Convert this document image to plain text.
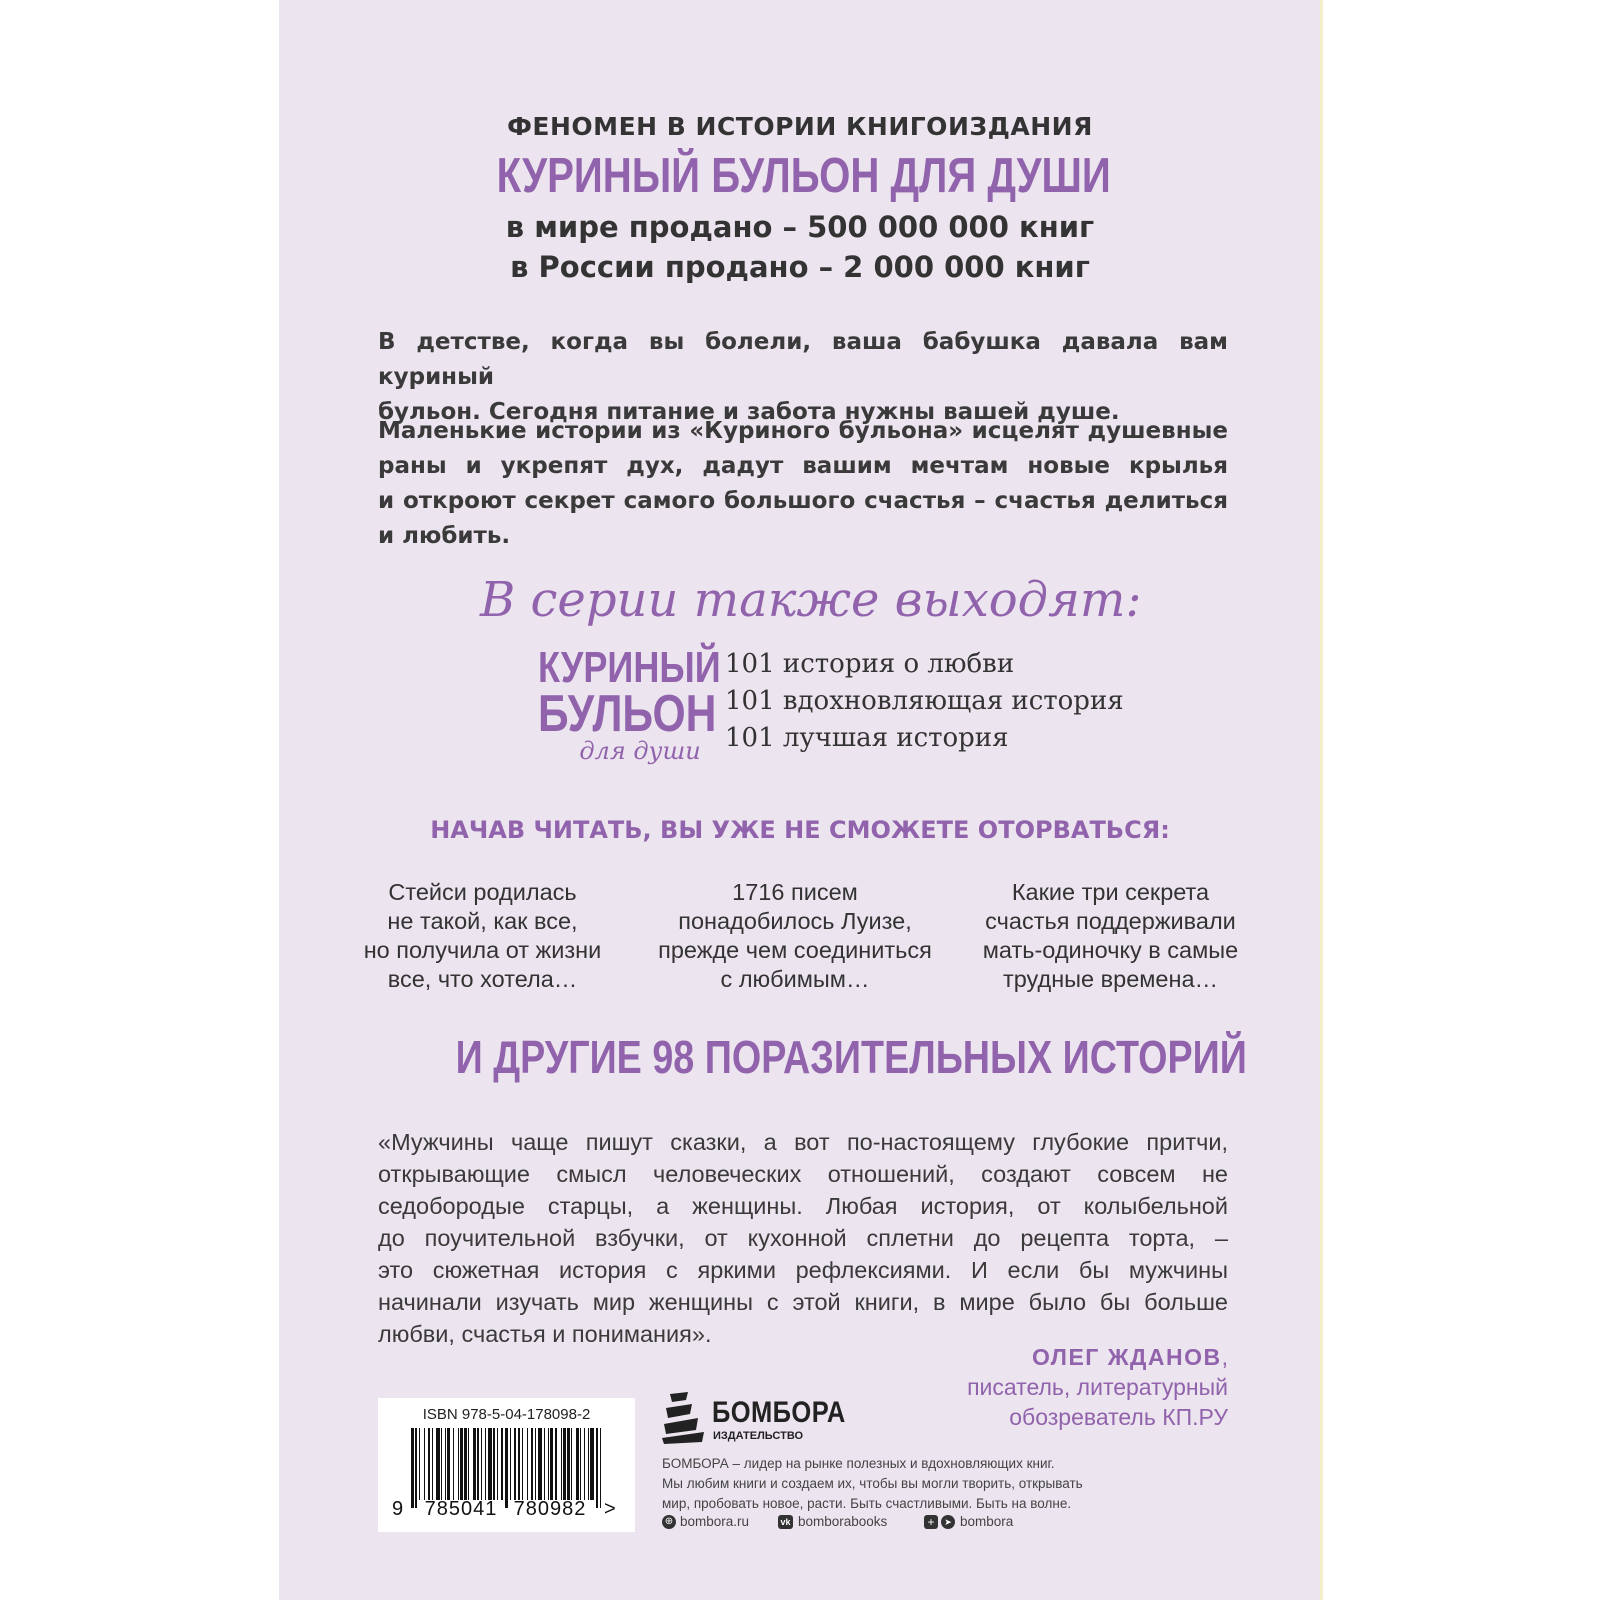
ФЕНОМЕН В ИСТОРИИ КНИГОИЗДАНИЯ
КУРИНЫЙ БУЛЬОН ДЛЯ ДУШИ
в мире продано – 500 000 000 книг
в России продано – 2 000 000 книг
В детстве, когда вы болели, ваша бабушка давала вам куриный
бульон. Сегодня питание и забота нужны вашей душе.
Маленькие истории из «Куриного бульона» исцелят душевные
раны и укрепят дух, дадут вашим мечтам новые крылья
и откроют секрет самого большого счастья – счастья делиться
и любить.
В серии также выходят:
КУРИНЫЙ
БУЛЬОН
для души
101 история о любви
101 вдохновляющая история
101 лучшая история
НАЧАВ ЧИТАТЬ, ВЫ УЖЕ НЕ СМОЖЕТЕ ОТОРВАТЬСЯ:
Стейси родилась
не такой, как все,
но получила от жизни
все, что хотела…
1716 писем
понадобилось Луизе,
прежде чем соединиться
с любимым…
Какие три секрета
счастья поддерживали
мать-одиночку в самые
трудные времена…
И ДРУГИЕ 98 ПОРАЗИТЕЛЬНЫХ ИСТОРИЙ
«Мужчины чаще пишут сказки, а вот по-настоящему глубокие притчи,
открывающие смысл человеческих отношений, создают совсем не
седобородые старцы, а женщины. Любая история, от колыбельной
до поучительной взбучки, от кухонной сплетни до рецепта торта, –
это сюжетная история с яркими рефлексиями. И если бы мужчины
начинали изучать мир женщины с этой книги, в мире было бы больше
любви, счастья и понимания».
ОЛЕГ ЖДАНОВ,
писатель, литературный
обозреватель КП.РУ
ISBN 978-5-04-178098-2
9 785041 780982 >
БОМБОРА
ИЗДАТЕЛЬСТВО
БОМБОРА – лидер на рынке полезных и вдохновляющих книг.
Мы любим книги и создаем их, чтобы вы могли творить, открывать
мир, пробовать новое, расти. Быть счастливыми. Быть на волне.
⊕ bombora.ru	vk bomborabooks	+	➤ bombora
